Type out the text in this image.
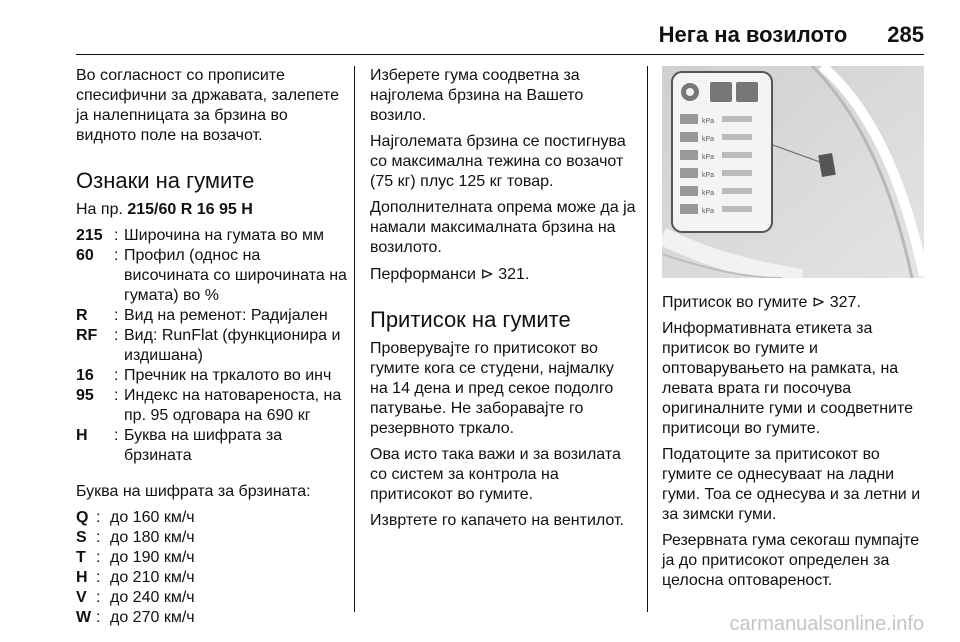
Нега на возилото 285

Во согласност со прописите спесифични за државата, залепете ја налепницата за брзина во видното поле на возачот.

Ознаки на гумите

На пр. 215/60 R 16 95 H

215 : Широчина на гумата во мм
60	: Профил (однос на височината со широчината на гумата) во %
R	: Вид на ременот: Радијален
RF	: Вид: RunFlat (функционира и издишана)
16	: Пречник на тркалото во инч
95	: Индекс на натовареноста, на пр. 95 одговара на 690 кг
H	: Буква на шифрата за брзината

Буква на шифрата за брзината:

Q : до 160 км/ч
S : до 180 км/ч
T : до 190 км/ч
H : до 210 км/ч
V : до 240 км/ч
W : до 270 км/ч

Изберете гума соодветна за најголема брзина на Вашето возило.

Најголемата брзина се постигнува со максимална тежина со возачот (75 кг) плус 125 кг товар.

Дополнителната опрема може да ја намали максималната брзина на возилото.

Перформанси ⊳ 321.

Притисок на гумите

Проверувајте го притисокот во гумите кога се студени, најмалку на 14 дена и пред секое подолго патување. Не заборавајте го резервното тркало.

Ова исто така важи и за возилата со систем за контрола на притисокот во гумите.

Извртете го капачето на вентилот.

kPa
kPa
kPa
kPa
kPa
kPa

Притисок во гумите ⊳ 327.

Информативната етикета за притисок во гумите и оптоварувањето на рамката, на левата врата ги посочува оригиналните гуми и соодветните притисоци во гумите.

Податоците за притисокот во гумите се однесуваат на ладни гуми. Тоа се однесува и за летни и за зимски гуми.

Резервната гума секогаш пумпајте ја до притисокот определен за целосна оптовареност.

carmanualsonline.info
